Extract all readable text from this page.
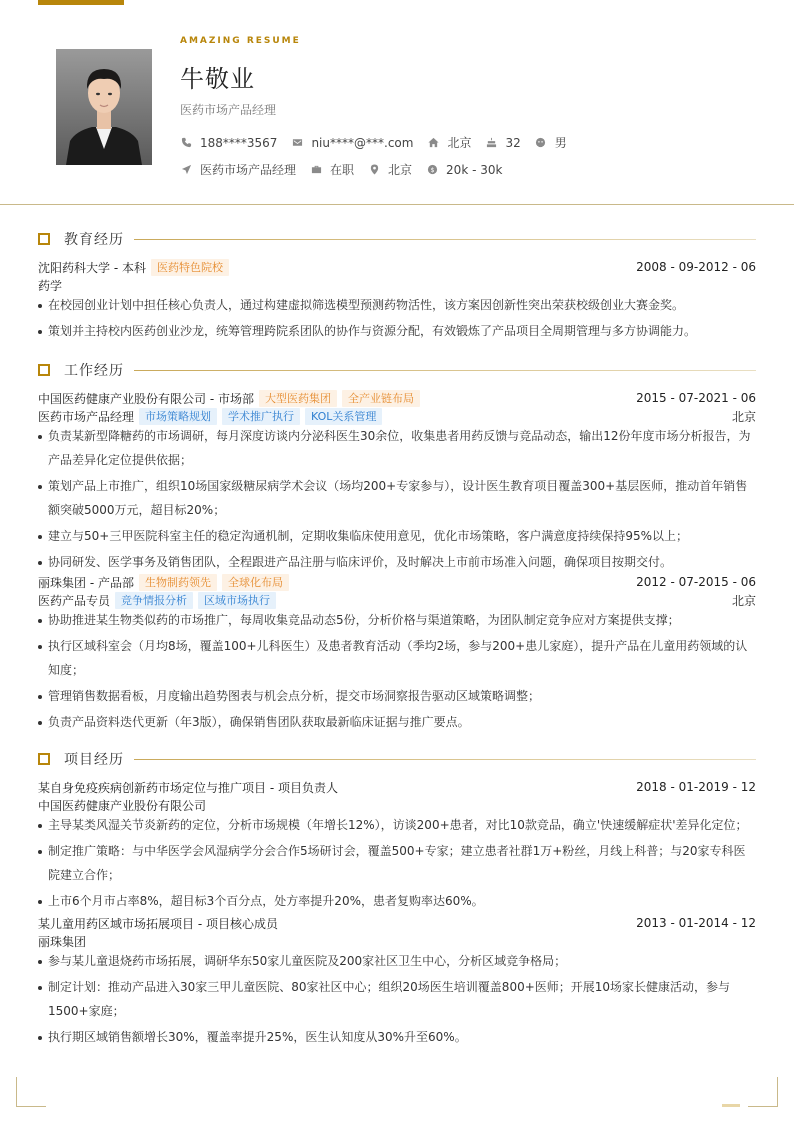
AMAZING RESUME
牛敬业
医药市场产品经理
188****3567	niu****@***.com	北京	32	男
医药市场产品经理	在职	北京	$ 20k - 30k
教育经历
沈阳药科大学 - 本科	医药特色院校	2008 - 09-2012 - 06
药学
在校园创业计划中担任核心负责人，通过构建虚拟筛选模型预测药物活性，该方案因创新性突出荣获校级创业大赛金奖。
策划并主持校内医药创业沙龙，统筹管理跨院系团队的协作与资源分配，有效锻炼了产品项目全周期管理与多方协调能力。
工作经历
中国医药健康产业股份有限公司 - 市场部	大型医药集团	全产业链布局	2015 - 07-2021 - 06
医药市场产品经理	市场策略规划	学术推广执行	KOL关系管理	北京
负责某新型降糖药的市场调研，每月深度访谈内分泌科医生30余位，收集患者用药反馈与竞品动态，输出12份年度市场分析报告，为产品差异化定位提供依据；
策划产品上市推广，组织10场国家级糖尿病学术会议（场均200+专家参与），设计医生教育项目覆盖300+基层医师，推动首年销售额突破5000万元，超目标20%；
建立与50+三甲医院科室主任的稳定沟通机制，定期收集临床使用意见，优化市场策略，客户满意度持续保持95%以上；
协同研发、医学事务及销售团队，全程跟进产品注册与临床评价，及时解决上市前市场准入问题，确保项目按期交付。
丽珠集团 - 产品部	生物制药领先	全球化布局	2012 - 07-2015 - 06
医药产品专员	竞争情报分析	区域市场执行	北京
协助推进某生物类似药的市场推广，每周收集竞品动态5份，分析价格与渠道策略，为团队制定竞争应对方案提供支撑；
执行区域科室会（月均8场，覆盖100+儿科医生）及患者教育活动（季均2场，参与200+患儿家庭），提升产品在儿童用药领域的认知度；
管理销售数据看板，月度输出趋势图表与机会点分析，提交市场洞察报告驱动区域策略调整；
负责产品资料迭代更新（年3版），确保销售团队获取最新临床证据与推广要点。
项目经历
某自身免疫疾病创新药市场定位与推广项目 - 项目负责人	2018 - 01-2019 - 12
中国医药健康产业股份有限公司
主导某类风湿关节炎新药的定位，分析市场规模（年增长12%），访谈200+患者，对比10款竞品，确立'快速缓解症状'差异化定位；
制定推广策略：与中华医学会风湿病学分会合作5场研讨会，覆盖500+专家；建立患者社群1万+粉丝，月线上科普；与20家专科医院建立合作；
上市6个月市占率8%，超目标3个百分点，处方率提升20%，患者复购率达60%。
某儿童用药区域市场拓展项目 - 项目核心成员	2013 - 01-2014 - 12
丽珠集团
参与某儿童退烧药市场拓展，调研华东50家儿童医院及200家社区卫生中心，分析区域竞争格局；
制定计划：推动产品进入30家三甲儿童医院、80家社区中心；组织20场医生培训覆盖800+医师；开展10场家长健康活动，参与1500+家庭；
执行期区域销售额增长30%，覆盖率提升25%，医生认知度从30%升至60%。
